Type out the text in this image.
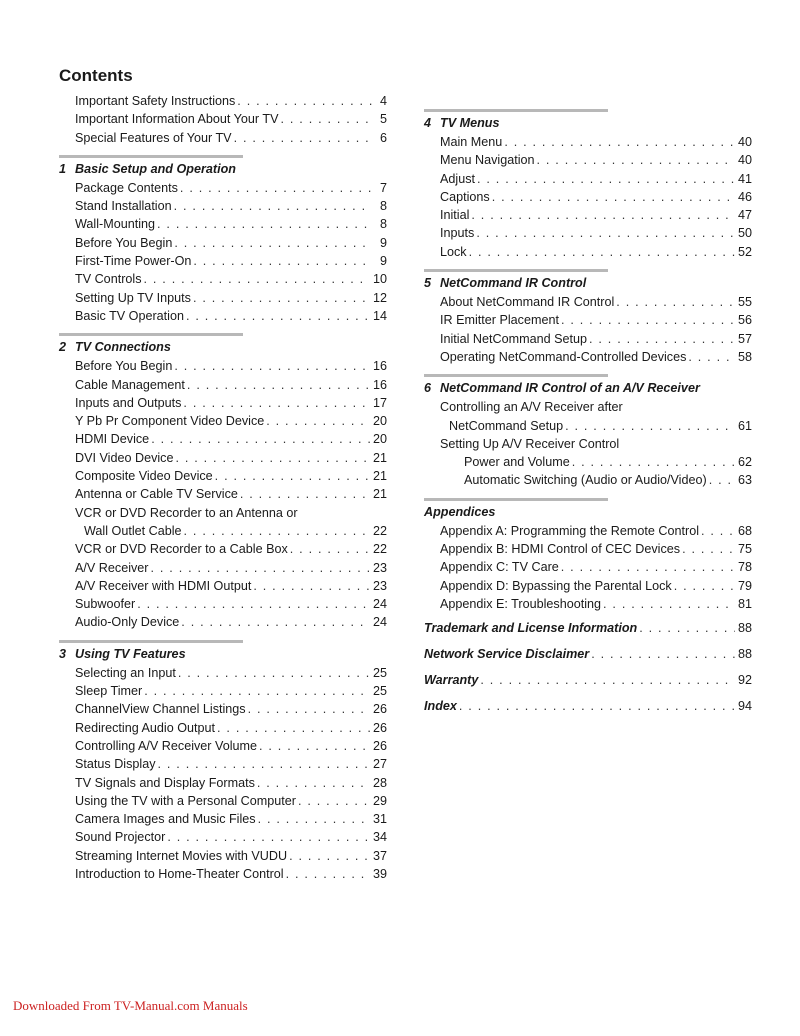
Contents
Important Safety Instructions . . .	4
Important Information About Your TV . . .	5
Special Features of Your TV . . .	6
1 Basic Setup and Operation
Package Contents . . .	7
Stand Installation . . .	8
Wall-Mounting . . .	8
Before You Begin . . .	9
First-Time Power-On . . .	9
TV Controls . . .	10
Setting Up TV Inputs . . .	12
Basic TV Operation . . .	14
2 TV Connections
Before You Begin . . .	16
Cable Management . . .	16
Inputs and Outputs . . .	17
Y Pb Pr Component Video Device . . .	20
HDMI Device . . .	20
DVI Video Device . . .	21
Composite Video Device . . .	21
Antenna or Cable TV Service . . .	21
VCR or DVD Recorder to an Antenna or
Wall Outlet Cable . . .	22
VCR or DVD Recorder to a Cable Box . . .	22
A/V Receiver . . .	23
A/V Receiver with HDMI Output . . .	23
Subwoofer . . .	24
Audio-Only Device . . .	24
3 Using TV Features
Selecting an Input . . .	25
Sleep Timer . . .	25
ChannelView Channel Listings . . .	26
Redirecting Audio Output . . .	26
Controlling A/V Receiver Volume . . .	26
Status Display . . .	27
TV Signals and Display Formats . . .	28
Using the TV with a Personal Computer . . .	29
Camera Images and Music Files . . .	31
Sound Projector . . .	34
Streaming Internet Movies with VUDU . . .	37
Introduction to Home-Theater Control . . .	39
4 TV Menus
Main Menu . . .	40
Menu Navigation . . .	40
Adjust . . .	41
Captions . . .	46
Initial . . .	47
Inputs . . .	50
Lock . . .	52
5 NetCommand IR Control
About NetCommand IR Control . . .	55
IR Emitter Placement . . .	56
Initial NetCommand Setup . . .	57
Operating NetCommand-Controlled Devices . . .	58
6 NetCommand IR Control of an A/V Receiver
Controlling an A/V Receiver after
NetCommand Setup . . .	61
Setting Up A/V Receiver Control
Power and Volume . . .	62
Automatic Switching (Audio or Audio/Video) . . . 63
Appendices
Appendix A: Programming the Remote Control . . .	68
Appendix B: HDMI Control of CEC Devices . . .	75
Appendix C: TV Care . . .	78
Appendix D: Bypassing the Parental Lock . . .	79
Appendix E: Troubleshooting . . .	81
Trademark and License Information . . .	88
Network Service Disclaimer . . .	88
Warranty . . .	92
Index . . .	94
Downloaded From TV-Manual.com Manuals
